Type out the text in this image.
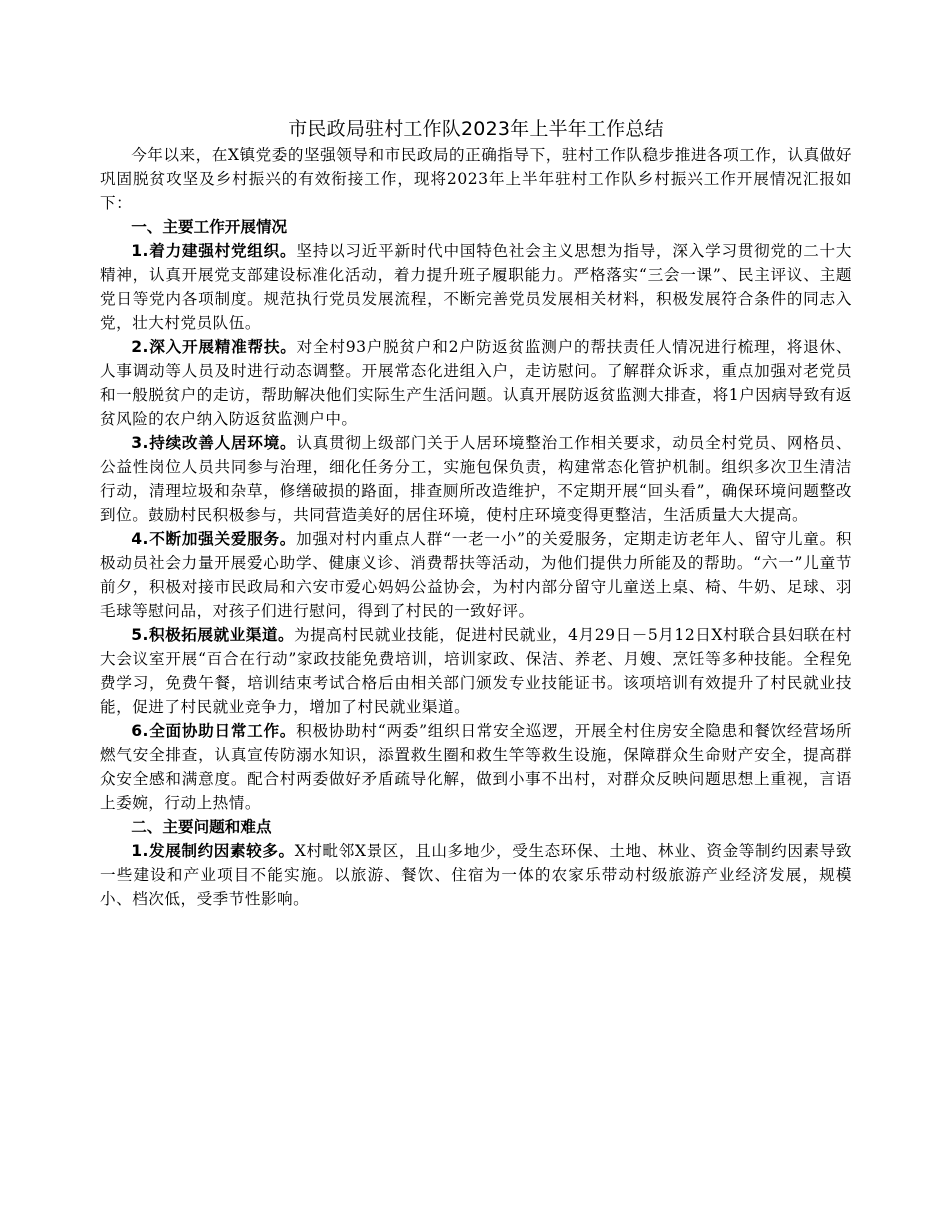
市民政局驻村工作队2023年上半年工作总结

今年以来，在X镇党委的坚强领导和市民政局的正确指导下，驻村工作队稳步推进各项工作，认真做好巩固脱贫攻坚及乡村振兴的有效衔接工作，现将2023年上半年驻村工作队乡村振兴工作开展情况汇报如下：

一、主要工作开展情况

1.着力建强村党组织。坚持以习近平新时代中国特色社会主义思想为指导，深入学习贯彻党的二十大精神，认真开展党支部建设标准化活动，着力提升班子履职能力。严格落实“三会一课”、民主评议、主题党日等党内各项制度。规范执行党员发展流程，不断完善党员发展相关材料，积极发展符合条件的同志入党，壮大村党员队伍。

2.深入开展精准帮扶。对全村93户脱贫户和2户防返贫监测户的帮扶责任人情况进行梳理，将退休、人事调动等人员及时进行动态调整。开展常态化进组入户，走访慰问。了解群众诉求，重点加强对老党员和一般脱贫户的走访，帮助解决他们实际生产生活问题。认真开展防返贫监测大排查，将1户因病导致有返贫风险的农户纳入防返贫监测户中。

3.持续改善人居环境。认真贯彻上级部门关于人居环境整治工作相关要求，动员全村党员、网格员、公益性岗位人员共同参与治理，细化任务分工，实施包保负责，构建常态化管护机制。组织多次卫生清洁行动，清理垃圾和杂草，修缮破损的路面，排查厕所改造维护，不定期开展“回头看”，确保环境问题整改到位。鼓励村民积极参与，共同营造美好的居住环境，使村庄环境变得更整洁，生活质量大大提高。

4.不断加强关爱服务。加强对村内重点人群“一老一小”的关爱服务，定期走访老年人、留守儿童。积极动员社会力量开展爱心助学、健康义诊、消费帮扶等活动，为他们提供力所能及的帮助。“六一”儿童节前夕，积极对接市民政局和六安市爱心妈妈公益协会，为村内部分留守儿童送上桌、椅、牛奶、足球、羽毛球等慰问品，对孩子们进行慰问，得到了村民的一致好评。

5.积极拓展就业渠道。为提高村民就业技能，促进村民就业，4月29日－5月12日X村联合县妇联在村大会议室开展“百合在行动”家政技能免费培训，培训家政、保洁、养老、月嫂、烹饪等多种技能。全程免费学习，免费午餐，培训结束考试合格后由相关部门颁发专业技能证书。该项培训有效提升了村民就业技能，促进了村民就业竞争力，增加了村民就业渠道。

6.全面协助日常工作。积极协助村“两委”组织日常安全巡逻，开展全村住房安全隐患和餐饮经营场所燃气安全排查，认真宣传防溺水知识，添置救生圈和救生竿等救生设施，保障群众生命财产安全，提高群众安全感和满意度。配合村两委做好矛盾疏导化解，做到小事不出村，对群众反映问题思想上重视，言语上委婉，行动上热情。

二、主要问题和难点

1.发展制约因素较多。X村毗邻X景区，且山多地少，受生态环保、土地、林业、资金等制约因素导致一些建设和产业项目不能实施。以旅游、餐饮、住宿为一体的农家乐带动村级旅游产业经济发展，规模小、档次低，受季节性影响。
